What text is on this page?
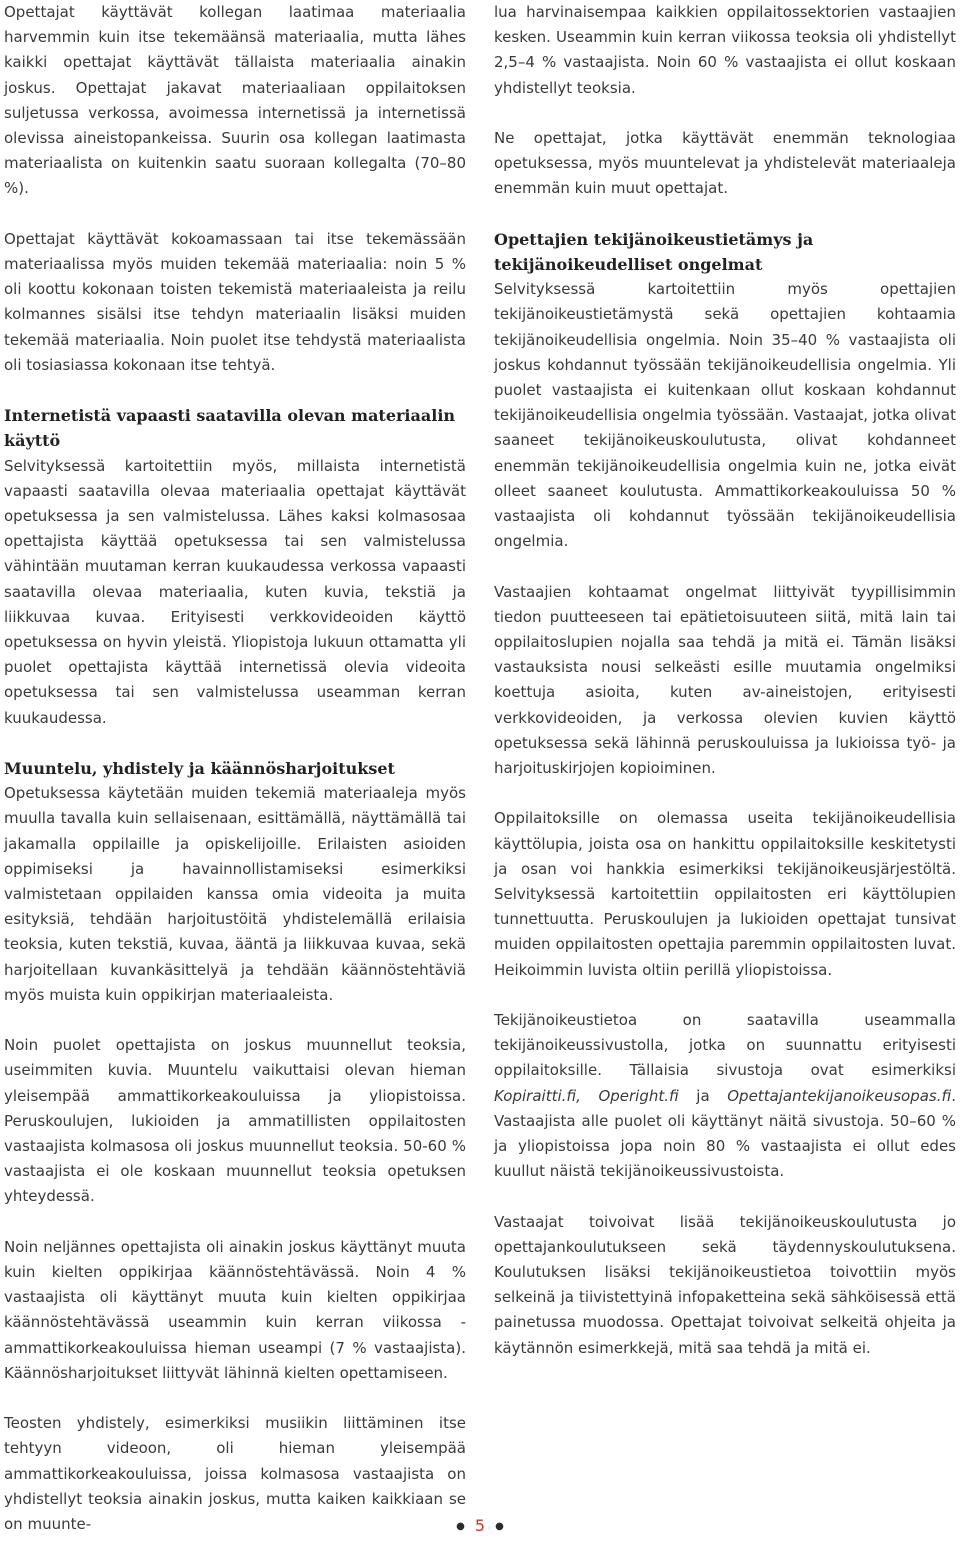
Opettajat käyttävät kollegan laatimaa materiaalia harvemmin kuin itse tekemäänsä materiaalia, mutta lähes kaikki opettajat käyttävät tällaista materiaalia ainakin joskus. Opettajat jakavat materiaaliaan oppilaitoksen suljetussa verkossa, avoimessa internetissä ja internetissä olevissa aineistopankeissa. Suurin osa kollegan laatimasta materiaalista on kuitenkin saatu suoraan kollegalta (70–80 %).

Opettajat käyttävät kokoamassaan tai itse tekemässään materiaalissa myös muiden tekemää materiaalia: noin 5 % oli koottu kokonaan toisten tekemistä materiaaleista ja reilu kolmannes sisälsi itse tehdyn materiaalin lisäksi muiden tekemää materiaalia. Noin puolet itse tehdystä materiaalista oli tosiasiassa kokonaan itse tehtyä.

Internetistä vapaasti saatavilla olevan materiaalin käyttö

Selvityksessä kartoitettiin myös, millaista internetistä vapaasti saatavilla olevaa materiaalia opettajat käyttävät opetuksessa ja sen valmistelussa. Lähes kaksi kolmasosaa opettajista käyttää opetuksessa tai sen valmistelussa vähintään muutaman kerran kuukaudessa verkossa vapaasti saatavilla olevaa materiaalia, kuten kuvia, tekstiä ja liikkuvaa kuvaa. Erityisesti verkkovideoiden käyttö opetuksessa on hyvin yleistä. Yliopistoja lukuun ottamatta yli puolet opettajista käyttää internetissä olevia videoita opetuksessa tai sen valmistelussa useamman kerran kuukaudessa.

Muuntelu, yhdistely ja käännösharjoitukset

Opetuksessa käytetään muiden tekemiä materiaaleja myös muulla tavalla kuin sellaisenaan, esittämällä, näyttämällä tai jakamalla oppilaille ja opiskelijoille. Erilaisten asioiden oppimiseksi ja havainnollistamiseksi esimerkiksi valmistetaan oppilaiden kanssa omia videoita ja muita esityksiä, tehdään harjoitustöitä yhdistelemällä erilaisia teoksia, kuten tekstiä, kuvaa, ääntä ja liikkuvaa kuvaa, sekä harjoitellaan kuvankäsittelyä ja tehdään käännöstehtäviä myös muista kuin oppikirjan materiaaleista.

Noin puolet opettajista on joskus muunnellut teoksia, useimmiten kuvia. Muuntelu vaikuttaisi olevan hieman yleisempää ammattikorkeakouluissa ja yliopistoissa. Peruskoulujen, lukioiden ja ammatillisten oppilaitosten vastaajista kolmasosa oli joskus muunnellut teoksia. 50-60 % vastaajista ei ole koskaan muunnellut teoksia opetuksen yhteydessä.

Noin neljännes opettajista oli ainakin joskus käyttänyt muuta kuin kielten oppikirjaa käännöstehtävässä. Noin 4 % vastaajista oli käyttänyt muuta kuin kielten oppikirjaa käännöstehtävässä useammin kuin kerran viikossa - ammattikorkeakouluissa hieman useampi (7 % vastaajista). Käännösharjoitukset liittyvät lähinnä kielten opettamiseen.

Teosten yhdistely, esimerkiksi musiikin liittäminen itse tehtyyn videoon, oli hieman yleisempää ammattikorkeakouluissa, joissa kolmasosa vastaajista on yhdistellyt teoksia ainakin joskus, mutta kaiken kaikkiaan se on muunte-

lua harvinaisempaa kaikkien oppilaitossektorien vastaajien kesken. Useammin kuin kerran viikossa teoksia oli yhdistellyt 2,5–4 % vastaajista. Noin 60 % vastaajista ei ollut koskaan yhdistellyt teoksia.

Ne opettajat, jotka käyttävät enemmän teknologiaa opetuksessa, myös muuntelevat ja yhdistelevät materiaaleja enemmän kuin muut opettajat.

Opettajien tekijänoikeustietämys ja tekijänoikeudelliset ongelmat

Selvityksessä kartoitettiin myös opettajien tekijänoikeustietämystä sekä opettajien kohtaamia tekijänoikeudellisia ongelmia. Noin 35–40 % vastaajista oli joskus kohdannut työssään tekijänoikeudellisia ongelmia. Yli puolet vastaajista ei kuitenkaan ollut koskaan kohdannut tekijänoikeudellisia ongelmia työssään. Vastaajat, jotka olivat saaneet tekijänoikeuskoulutusta, olivat kohdanneet enemmän tekijänoikeudellisia ongelmia kuin ne, jotka eivät olleet saaneet koulutusta. Ammattikorkeakouluissa 50 % vastaajista oli kohdannut työssään tekijänoikeudellisia ongelmia.

Vastaajien kohtaamat ongelmat liittyivät tyypillisimmin tiedon puutteeseen tai epätietoisuuteen siitä, mitä lain tai oppilaitoslupien nojalla saa tehdä ja mitä ei. Tämän lisäksi vastauksista nousi selkeästi esille muutamia ongelmiksi koettuja asioita, kuten av-aineistojen, erityisesti verkkovideoiden, ja verkossa olevien kuvien käyttö opetuksessa sekä lähinnä peruskouluissa ja lukioissa työ- ja harjoituskirjojen kopioiminen.

Oppilaitoksille on olemassa useita tekijänoikeudellisia käyttölupia, joista osa on hankittu oppilaitoksille keskitetysti ja osan voi hankkia esimerkiksi tekijänoikeusjärjestöltä. Selvityksessä kartoitettiin oppilaitosten eri käyttölupien tunnettuutta. Peruskoulujen ja lukioiden opettajat tunsivat muiden oppilaitosten opettajia paremmin oppilaitosten luvat. Heikoimmin luvista oltiin perillä yliopistoissa.

Tekijänoikeustietoa on saatavilla useammalla tekijänoikeussivustolla, jotka on suunnattu erityisesti oppilaitoksille. Tällaisia sivustoja ovat esimerkiksi Kopiraitti.fi, Operight.fi ja Opettajantekijanoikeusopas.fi. Vastaajista alle puolet oli käyttänyt näitä sivustoja. 50–60 % ja yliopistoissa jopa noin 80 % vastaajista ei ollut edes kuullut näistä tekijänoikeussivustoista.

Vastaajat toivoivat lisää tekijänoikeuskoulutusta jo opettajankoulutukseen sekä täydennyskoulutuksena. Koulutuksen lisäksi tekijänoikeustietoa toivottiin myös selkeinä ja tiivistettyinä infopaketteina sekä sähköisessä että painetussa muodossa. Opettajat toivoivat selkeitä ohjeita ja käytännön esimerkkejä, mitä saa tehdä ja mitä ei.

● 5 ●
